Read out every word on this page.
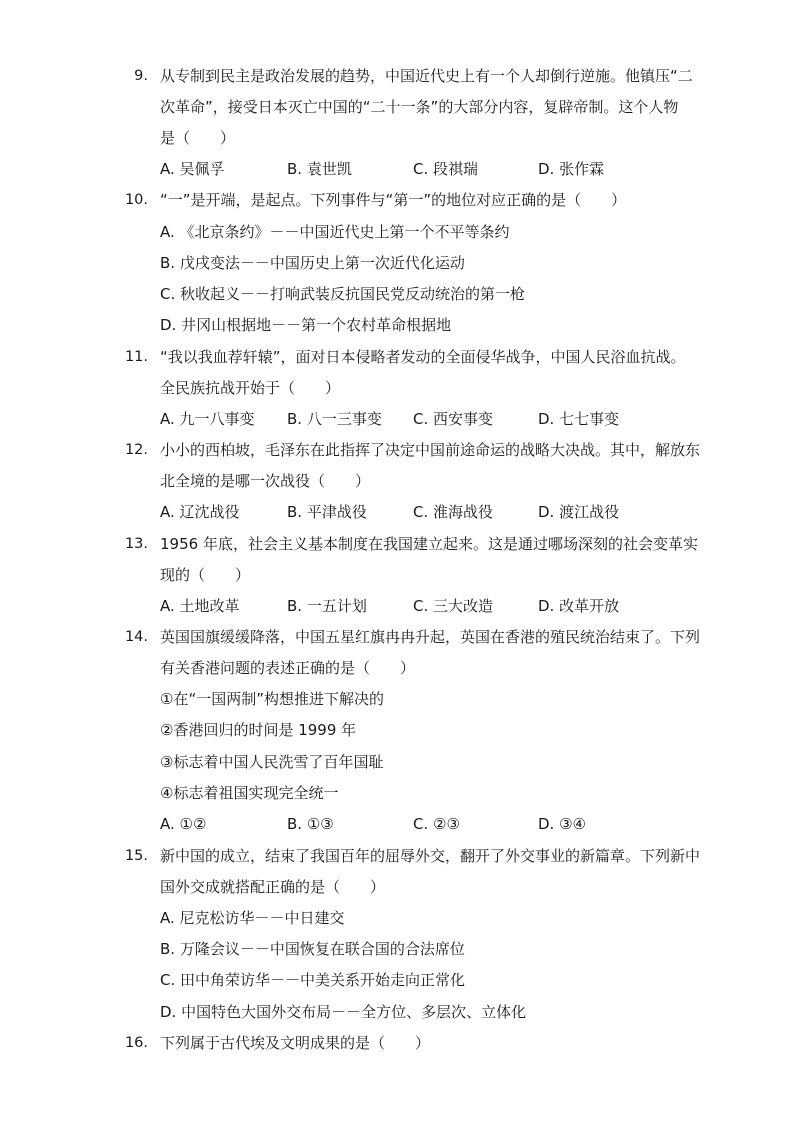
9. 从专制到民主是政治发展的趋势，中国近代史上有一个人却倒行逆施。他镇压“二
次革命”，接受日本灭亡中国的“二十一条”的大部分内容，复辟帝制。这个人物
是（　　）
A. 吴佩孚	B. 袁世凯	C. 段祺瑞	D. 张作霖
10. “一”是开端，是起点。下列事件与“第一”的地位对应正确的是（　　）
A. 《北京条约》－－中国近代史上第一个不平等条约
B. 戊戌变法－－中国历史上第一次近代化运动
C. 秋收起义－－打响武装反抗国民党反动统治的第一枪
D. 井冈山根据地－－第一个农村革命根据地
11. “我以我血荐轩辕”，面对日本侵略者发动的全面侵华战争，中国人民浴血抗战。
全民族抗战开始于（　　）
A. 九一八事变 B. 八一三事变 C. 西安事变	D. 七七事变
12. 小小的西柏坡，毛泽东在此指挥了决定中国前途命运的战略大决战。其中，解放东
北全境的是哪一次战役（　　）
A. 辽沈战役	B. 平津战役	C. 淮海战役	D. 渡江战役
13. 1956 年底，社会主义基本制度在我国建立起来。这是通过哪场深刻的社会变革实
现的（　　）
A. 土地改革	B. 一五计划	C. 三大改造	D. 改革开放
14. 英国国旗缓缓降落，中国五星红旗冉冉升起，英国在香港的殖民统治结束了。下列
有关香港问题的表述正确的是（　　）
①在“一国两制”构想推进下解决的
②香港回归的时间是 1999 年
③标志着中国人民洗雪了百年国耻
④标志着祖国实现完全统一
A. ①②	B. ①③	C. ②③	D. ③④
15. 新中国的成立，结束了我国百年的屈辱外交，翻开了外交事业的新篇章。下列新中
国外交成就搭配正确的是（　　）
A. 尼克松访华－－中日建交
B. 万隆会议－－中国恢复在联合国的合法席位
C. 田中角荣访华－－中美关系开始走向正常化
D. 中国特色大国外交布局－－全方位、多层次、立体化
16. 下列属于古代埃及文明成果的是（　　）
